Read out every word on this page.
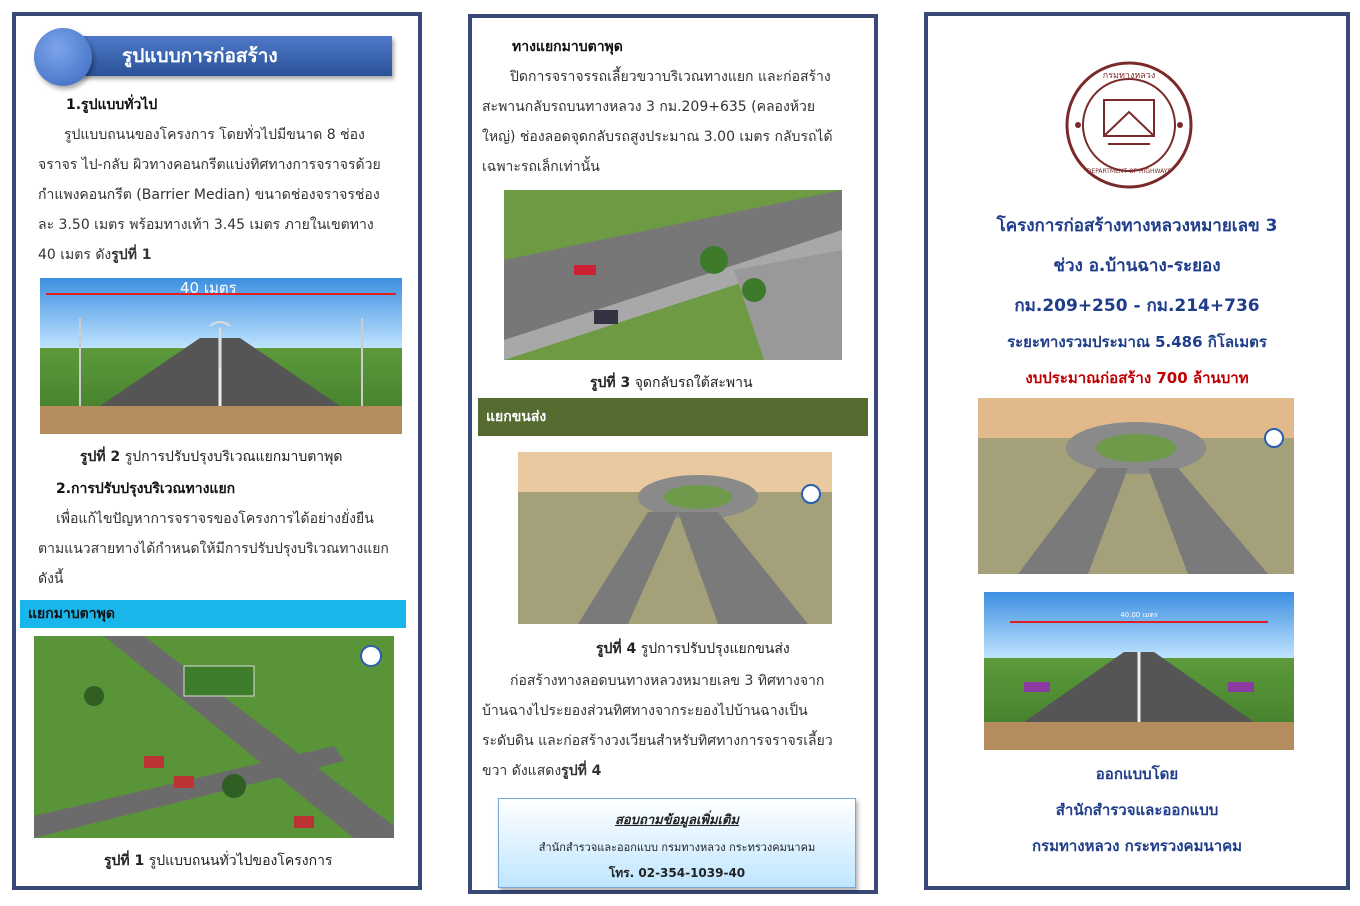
รูปแบบการก่อสร้าง
1.รูปแบบทั่วไป
รูปแบบถนนของโครงการ โดยทั่วไปมีขนาด 8 ช่อง
จราจร ไป-กลับ ผิวทางคอนกรีตแบ่งทิศทางการจราจรด้วย
กำแพงคอนกรีต (Barrier Median) ขนาดช่องจราจรช่อง
ละ 3.50 เมตร พร้อมทางเท้า 3.45 เมตร ภายในเขตทาง
40 เมตร ดังรูปที่ 1
40 เมตร
รูปที่ 2 รูปการปรับปรุงบริเวณแยกมาบตาพุด
2.การปรับปรุงบริเวณทางแยก
เพื่อแก้ไขปัญหาการจราจรของโครงการได้อย่างยั่งยืน
ตามแนวสายทางได้กำหนดให้มีการปรับปรุงบริเวณทางแยก
ดังนี้
แยกมาบตาพุด
รูปที่ 1 รูปแบบถนนทั่วไปของโครงการ
ทางแยกมาบตาพุด
ปิดการจราจรรถเลี้ยวขวาบริเวณทางแยก และก่อสร้าง
สะพานกลับรถบนทางหลวง 3 กม.209+635 (คลองห้วย
ใหญ่) ช่องลอดจุดกลับรถสูงประมาณ 3.00 เมตร กลับรถได้
เฉพาะรถเล็กเท่านั้น
รูปที่ 3 จุดกลับรถใต้สะพาน
แยกขนส่ง
รูปที่ 4 รูปการปรับปรุงแยกขนส่ง
ก่อสร้างทางลอดบนทางหลวงหมายเลข 3 ทิศทางจาก
บ้านฉางไประยองส่วนทิศทางจากระยองไปบ้านฉางเป็น
ระดับดิน และก่อสร้างวงเวียนสำหรับทิศทางการจราจรเลี้ยว
ขวา ดังแสดงรูปที่ 4
สอบถามข้อมูลเพิ่มเติม
สำนักสำรวจและออกแบบ กรมทางหลวง กระทรวงคมนาคม
โทร. 02-354-1039-40
กรมทางหลวง
DEPARTMENT OF HIGHWAYS
โครงการก่อสร้างทางหลวงหมายเลข 3
ช่วง อ.บ้านฉาง-ระยอง
กม.209+250 - กม.214+736
ระยะทางรวมประมาณ 5.486 กิโลเมตร
งบประมาณก่อสร้าง 700 ล้านบาท
40.00 เมตร
ออกแบบโดย
สำนักสำรวจและออกแบบ
กรมทางหลวง กระทรวงคมนาคม
